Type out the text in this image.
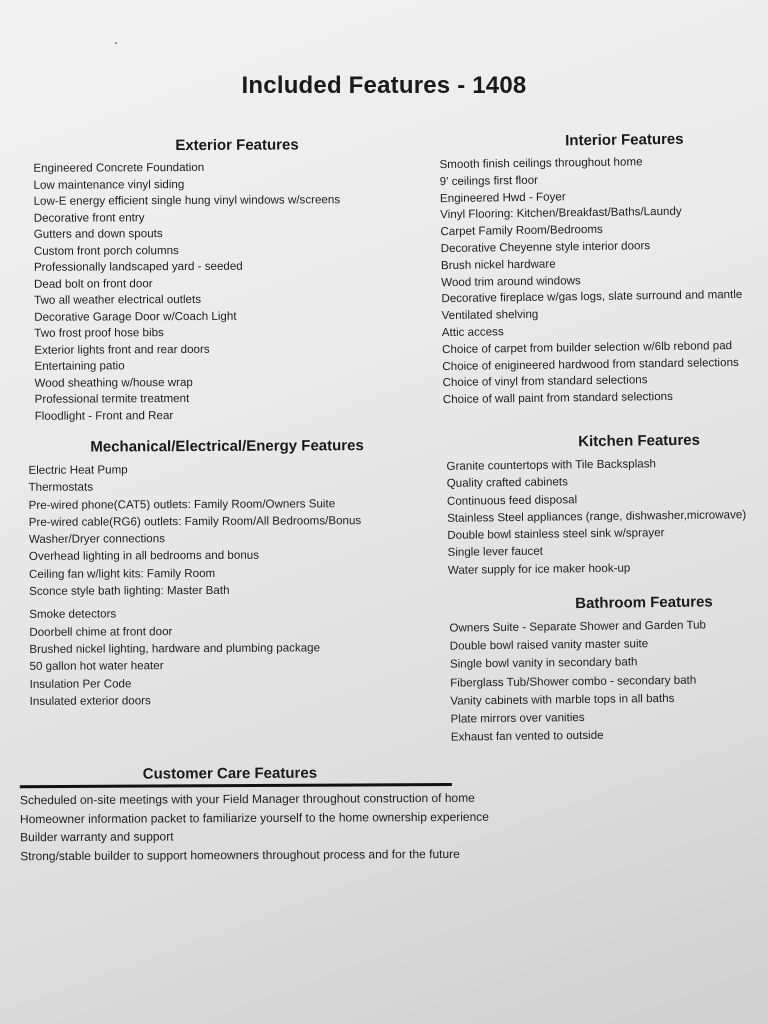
Included Features - 1408
Exterior Features
Engineered Concrete Foundation
Low maintenance vinyl siding
Low-E energy efficient single hung vinyl windows w/screens
Decorative front entry
Gutters and down spouts
Custom front porch columns
Professionally landscaped yard - seeded
Dead bolt on front door
Two all weather electrical outlets
Decorative Garage Door w/Coach Light
Two frost proof hose bibs
Exterior lights front and rear doors
Entertaining patio
Wood sheathing w/house wrap
Professional termite treatment
Floodlight - Front and Rear
Interior Features
Smooth finish ceilings throughout home
9' ceilings first floor
Engineered Hwd - Foyer
Vinyl Flooring: Kitchen/Breakfast/Baths/Laundy
Carpet Family Room/Bedrooms
Decorative Cheyenne style interior doors
Brush nickel hardware
Wood trim around windows
Decorative fireplace w/gas logs, slate surround and mantle
Ventilated shelving
Attic access
Choice of carpet from builder selection w/6lb rebond pad
Choice of enigineered hardwood from standard selections
Choice of vinyl from standard selections
Choice of wall paint from standard selections
Mechanical/Electrical/Energy Features
Electric Heat Pump
Thermostats
Pre-wired phone(CAT5) outlets: Family Room/Owners Suite
Pre-wired cable(RG6) outlets: Family Room/All Bedrooms/Bonus
Washer/Dryer connections
Overhead lighting in all bedrooms and bonus
Ceiling fan w/light kits: Family Room
Sconce style bath lighting: Master Bath
Smoke detectors
Doorbell chime at front door
Brushed nickel lighting, hardware and plumbing package
50 gallon hot water heater
Insulation Per Code
Insulated exterior doors
Kitchen Features
Granite countertops with Tile Backsplash
Quality crafted cabinets
Continuous feed disposal
Stainless Steel appliances (range, dishwasher,microwave)
Double bowl stainless steel sink w/sprayer
Single lever faucet
Water supply for ice maker hook-up
Bathroom Features
Owners Suite - Separate Shower and Garden Tub
Double bowl raised vanity master suite
Single bowl vanity in secondary bath
Fiberglass Tub/Shower combo - secondary bath
Vanity cabinets with marble tops in all baths
Plate mirrors over vanities
Exhaust fan vented to outside
Customer Care Features
Scheduled on-site meetings with your Field Manager throughout construction of home
Homeowner information packet to familiarize yourself to the home ownership experience
Builder warranty and support
Strong/stable builder to support homeowners throughout process and for the future
